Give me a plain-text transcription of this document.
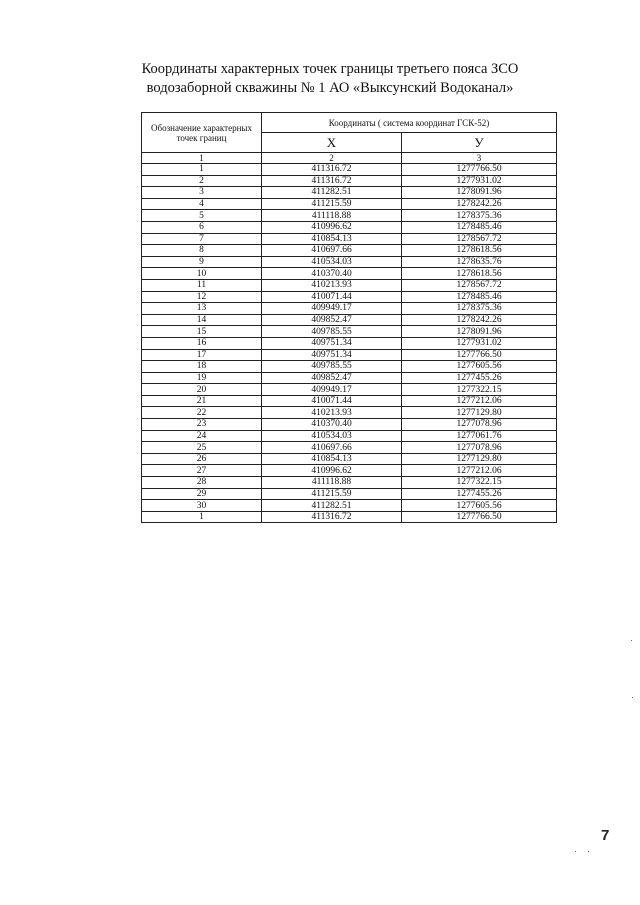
Координаты характерных точек границы третьего пояса ЗСО
водозаборной скважины № 1 АО «Выксунский Водоканал»
Обозначение характерных точек границ	Координаты ( система координат ГСК-52)	
	X	У
1	2	3
1	411316.72	1277766.50
2	411316.72	1277931.02
3	411282.51	1278091.96
4	411215.59	1278242.26
5	411118.88	1278375.36
6	410996.62	1278485.46
7	410854.13	1278567.72
8	410697.66	1278618.56
9	410534.03	1278635.76
10	410370.40	1278618.56
11	410213.93	1278567.72
12	410071.44	1278485.46
13	409949.17	1278375.36
14	409852.47	1278242.26
15	409785.55	1278091.96
16	409751.34	1277931.02
17	409751.34	1277766.50
18	409785.55	1277605.56
19	409852.47	1277455.26
20	409949.17	1277322.15
21	410071.44	1277212.06
22	410213.93	1277129.80
23	410370.40	1277078.96
24	410534.03	1277061.76
25	410697.66	1277078.96
26	410854.13	1277129.80
27	410996.62	1277212.06
28	411118.88	1277322.15
29	411215.59	1277455.26
30	411282.51	1277605.56
1	411316.72	1277766.50
7
